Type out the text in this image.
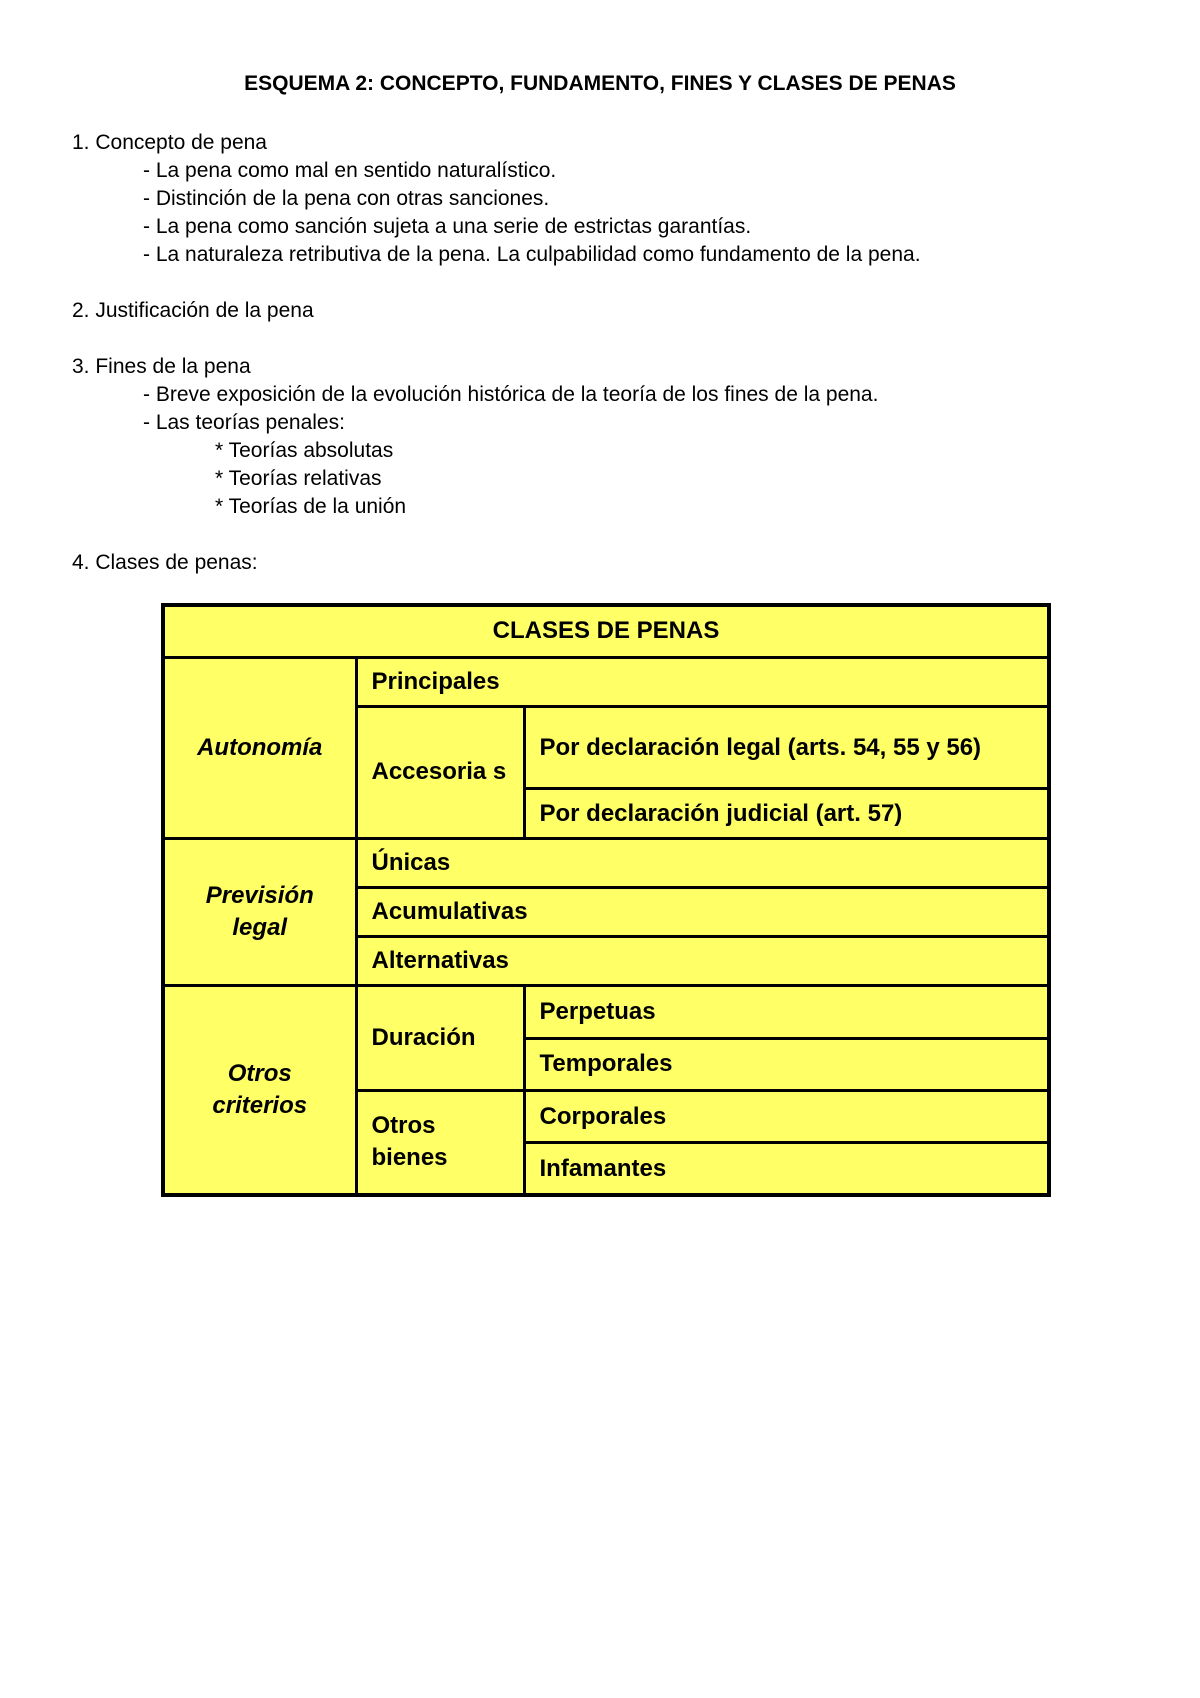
ESQUEMA 2: CONCEPTO, FUNDAMENTO, FINES Y CLASES DE PENAS
1. Concepto de pena
- La pena como mal en sentido naturalístico.
- Distinción de la pena con otras sanciones.
- La pena como sanción sujeta a una serie de estrictas garantías.
- La naturaleza retributiva de la pena. La culpabilidad como fundamento de la pena.
2. Justificación de la pena
3. Fines de la pena
- Breve exposición de la evolución histórica de la teoría de los fines de la pena.
- Las teorías penales:
* Teorías absolutas
* Teorías relativas
* Teorías de la unión
4. Clases de penas:
CLASES DE PENAS		
Autonomía	Principales	
	Accesoria s	Por declaración legal (arts. 54, 55 y 56)
		Por declaración judicial (art. 57)
Previsión legal	Únicas	
	Acumulativas	
	Alternativas	
Otros criterios	Duración	Perpetuas
		Temporales
	Otros bienes	Corporales
		Infamantes
